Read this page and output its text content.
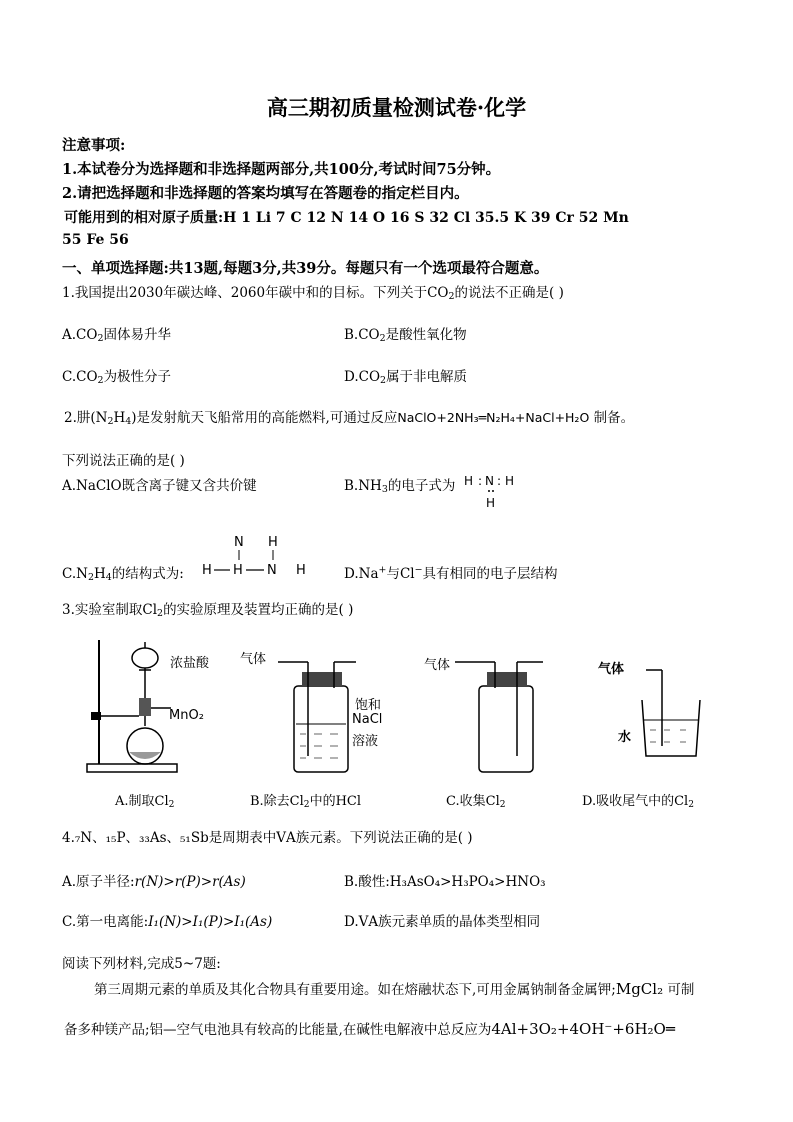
高三期初质量检测试卷·化学
注意事项:
1.本试卷分为选择题和非选择题两部分,共100分,考试时间75分钟。
2.请把选择题和非选择题的答案均填写在答题卷的指定栏目内。
可能用到的相对原子质量:H 1 Li 7 C 12 N 14 O 16 S 32 Cl 35.5 K 39 Cr 52 Mn
55 Fe 56
一、单项选择题:共13题,每题3分,共39分。每题只有一个选项最符合题意。
1.我国提出2030年碳达峰、2060年碳中和的目标。下列关于$CO_2$的说法不正确是( )
$A.CO_2$固体易升华	$B.CO_2$是酸性氧化物
$C.CO_2$为极性分子	$D.CO_2$属于非电解质
2.肼$(N_2H_4)$是发射航天飞船常用的高能燃料,可通过反应NaClO+2NH₃═N₂H₄+NaCl+H₂O 制备。
下列说法正确的是( )
A.NaClO既含离子键又含共价键	$B.NH_3$的电子式为 H : N : H
H
$C.N_2H_4$的结构式为:
N H
H H N H	D.Na+与Cl−具有相同的电子层结构
3.实验室制取$Cl_2$的实验原理及装置均正确的是( )
浓盐酸
MnO₂
气体
饱和
NaCl
溶液
气体	气体
水
A.制取$Cl_2$	B.除去$Cl_2$中的HCl	C.收集$Cl_2$	D.吸收尾气中的$Cl_2$
4.₇N、₁₅P、₃₃As、₅₁Sb是周期表中ⅤA族元素。下列说法正确的是( )
A.原子半径:r(N)>r(P)>r(As)	B.酸性:H₃AsO₄>H₃PO₄>HNO₃
C.第一电离能:I₁(N)>I₁(P)>I₁(As)	D.ⅤA族元素单质的晶体类型相同
阅读下列材料,完成5~7题:
第三周期元素的单质及其化合物具有重要用途。如在熔融状态下,可用金属钠制备金属钾;MgCl₂ 可制
备多种镁产品;铝—空气电池具有较高的比能量,在碱性电解液中总反应为4Al+3O₂+4OH⁻+6H₂O═
